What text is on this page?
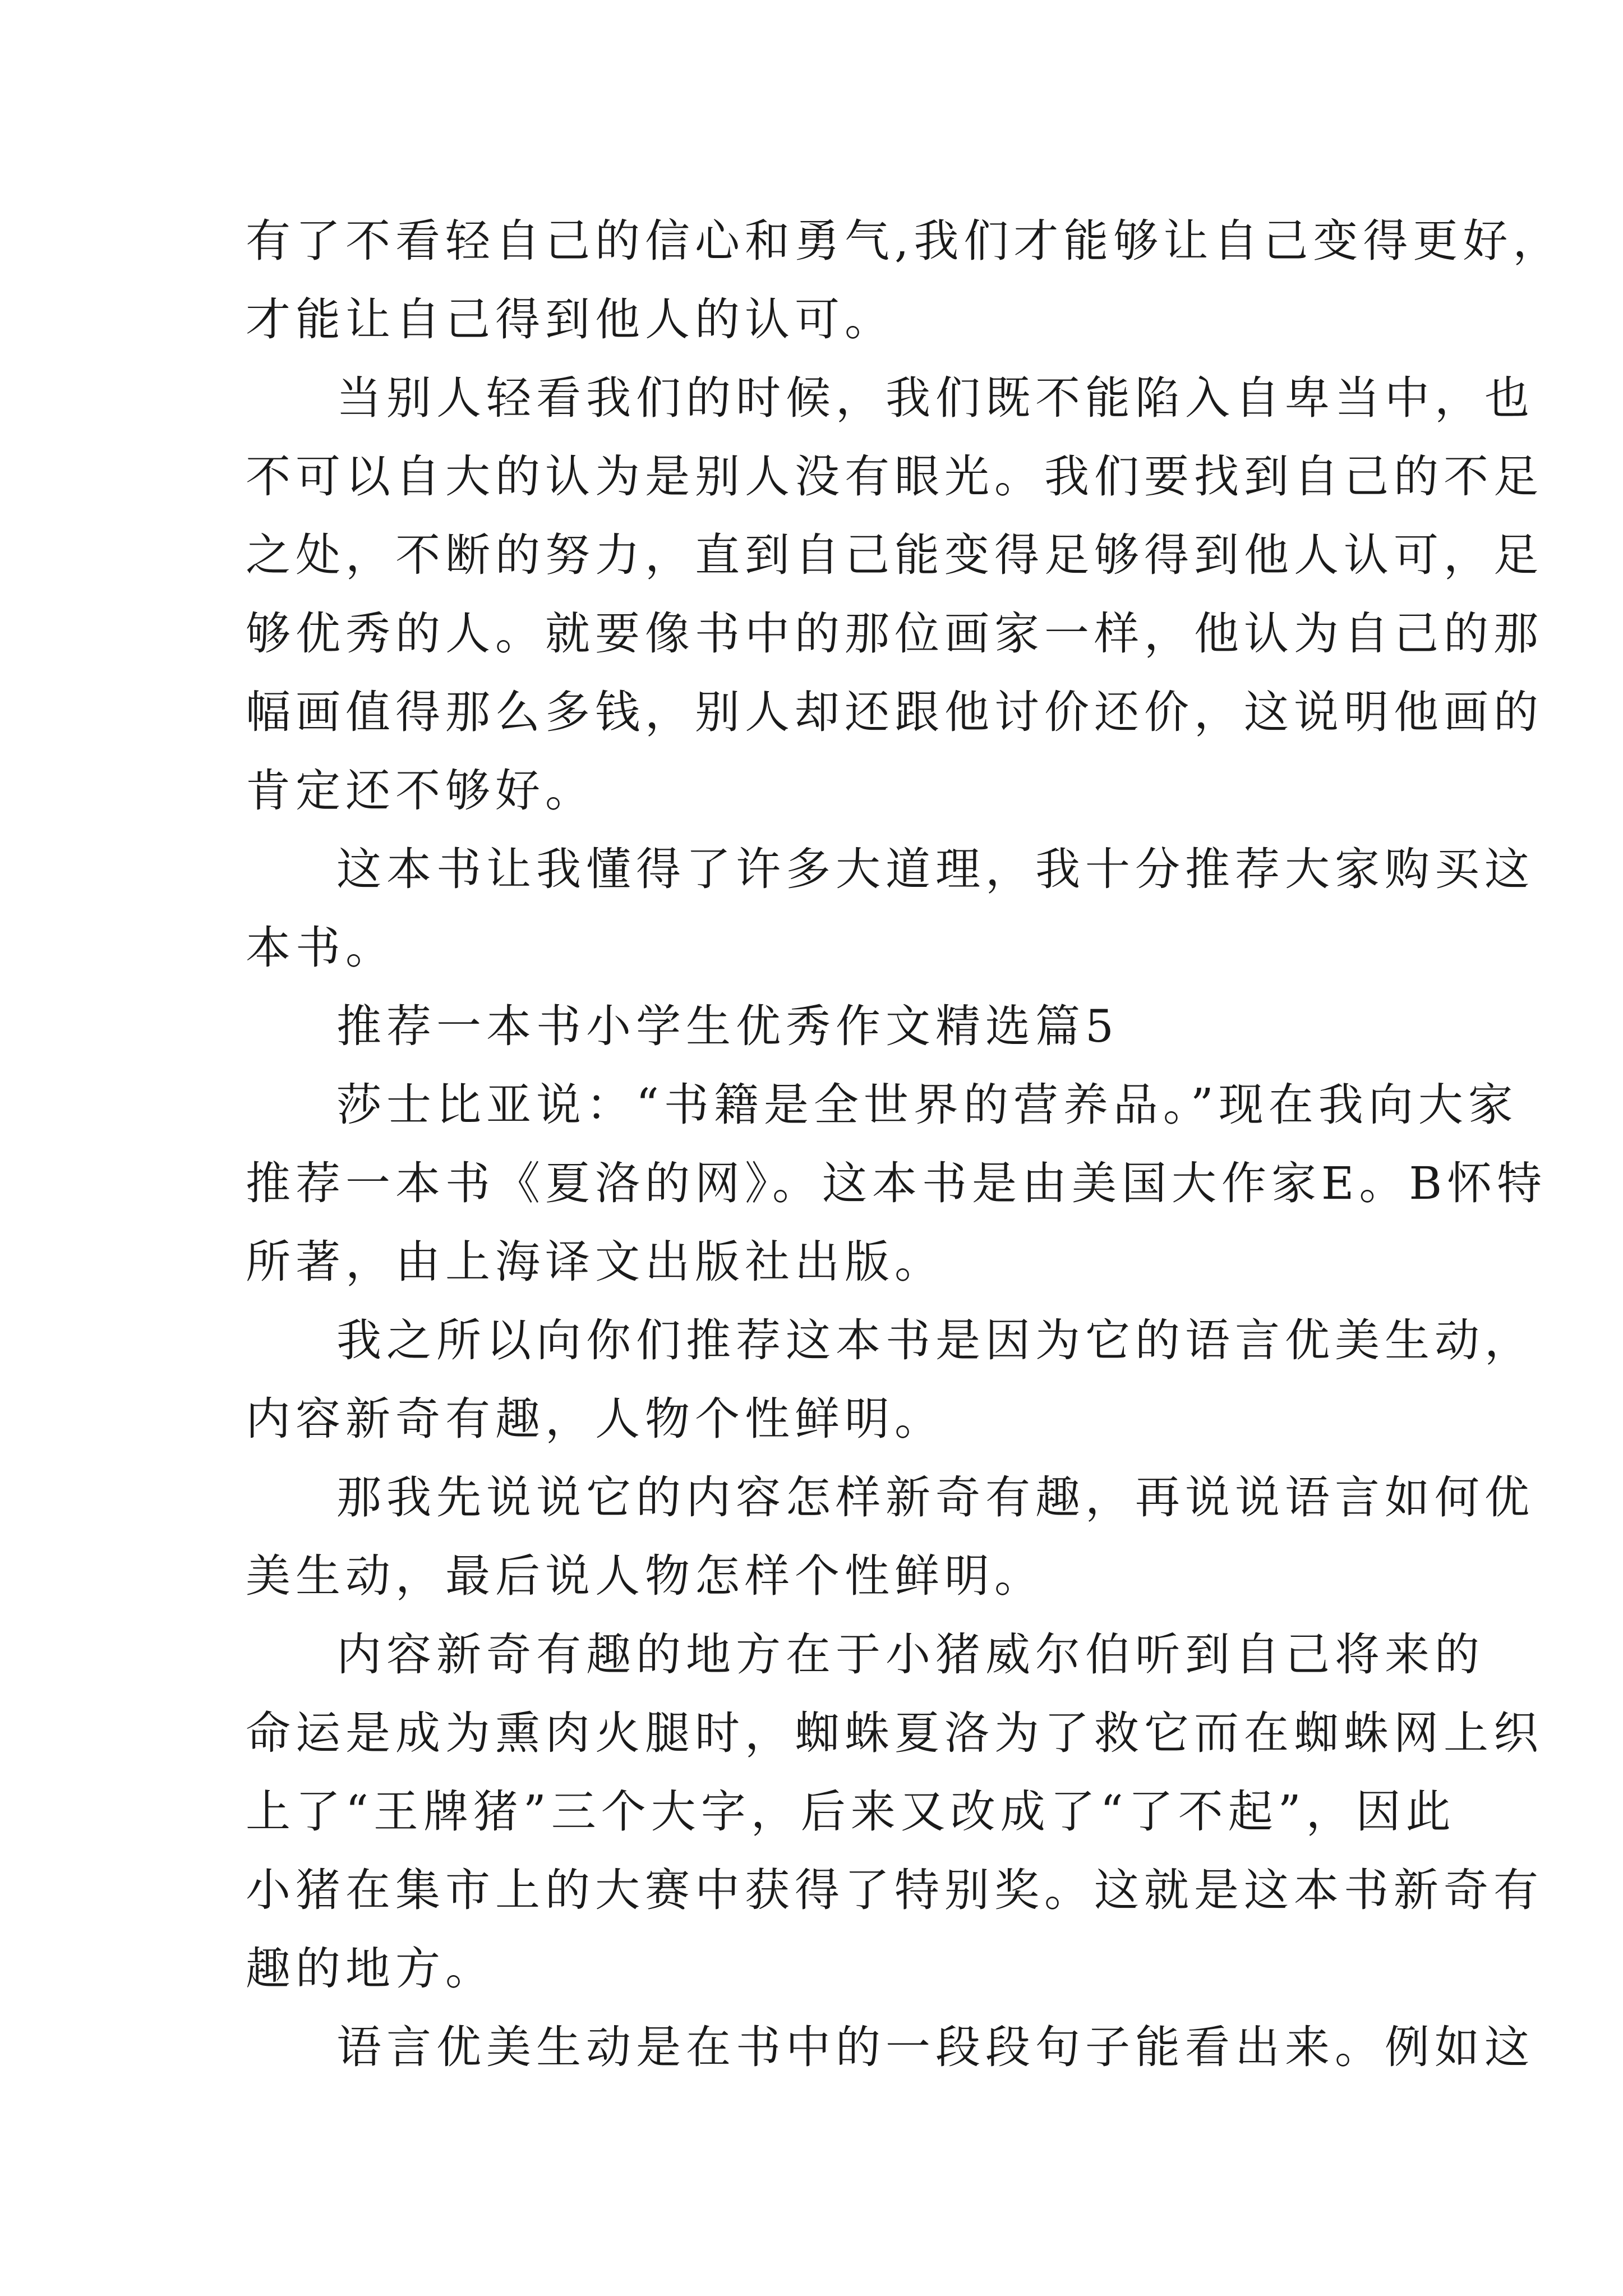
有了不看轻自己的信心和勇气,我们才能够让自己变得更好，
才能让自己得到他人的认可。
当别人轻看我们的时候，我们既不能陷入自卑当中，也
不可以自大的认为是别人没有眼光。我们要找到自己的不足
之处，不断的努力，直到自己能变得足够得到他人认可，足
够优秀的人。就要像书中的那位画家一样，他认为自己的那
幅画值得那么多钱，别人却还跟他讨价还价，这说明他画的
肯定还不够好。
这本书让我懂得了许多大道理，我十分推荐大家购买这
本书。
推荐一本书小学生优秀作文精选篇5
莎士比亚说：“书籍是全世界的营养品。”现在我向大家
推荐一本书《夏洛的网》。这本书是由美国大作家E。B怀特
所著，由上海译文出版社出版。
我之所以向你们推荐这本书是因为它的语言优美生动，
内容新奇有趣，人物个性鲜明。
那我先说说它的内容怎样新奇有趣，再说说语言如何优
美生动，最后说人物怎样个性鲜明。
内容新奇有趣的地方在于小猪威尔伯听到自己将来的
命运是成为熏肉火腿时，蜘蛛夏洛为了救它而在蜘蛛网上织
上了“王牌猪”三个大字，后来又改成了“了不起”，因此
小猪在集市上的大赛中获得了特别奖。这就是这本书新奇有
趣的地方。
语言优美生动是在书中的一段段句子能看出来。例如这
